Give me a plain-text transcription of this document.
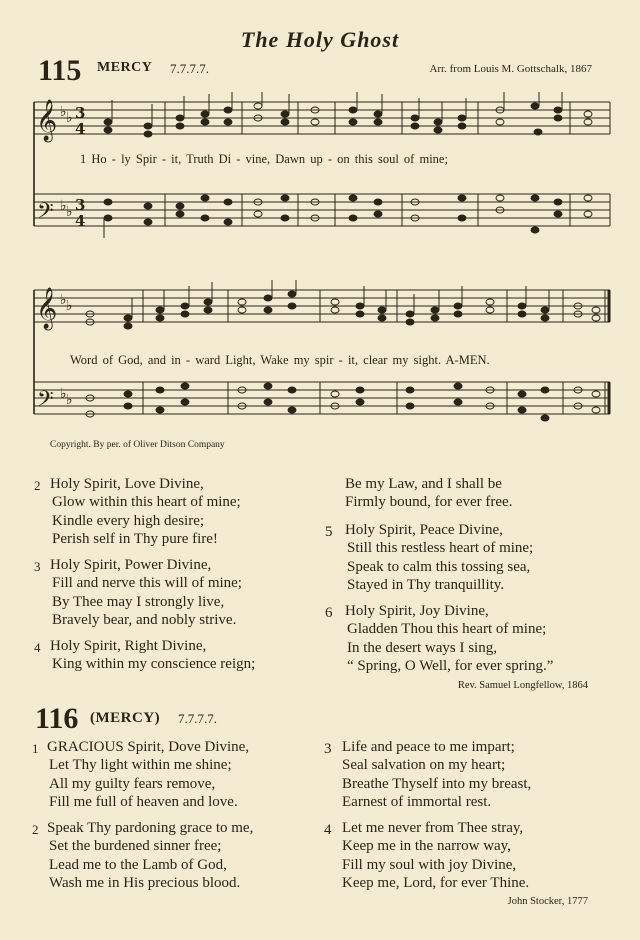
The Holy Ghost
115 MERCY 7.7.7.7.	Arr. from Louis M. Gottschalk, 1867
𝄞
𝄢
♭ ♭
♭ ♭
3
4
3
4
1 Ho - ly Spir - it, Truth Di - vine, Dawn up - on this soul of mine;
𝄞
𝄢
♭ ♭
♭ ♭
Word of God, and in - ward Light, Wake my spir - it, clear my sight. A-MEN.
Copyright. By per. of Oliver Ditson Company
2 Holy Spirit, Love Divine,
Glow within this heart of mine;
Kindle every high desire;
Perish self in Thy pure fire!
3 Holy Spirit, Power Divine,
Fill and nerve this will of mine;
By Thee may I strongly live,
Bravely bear, and nobly strive.
4 Holy Spirit, Right Divine,
King within my conscience reign;
Be my Law, and I shall be
Firmly bound, for ever free.
5 Holy Spirit, Peace Divine,
Still this restless heart of mine;
Speak to calm this tossing sea,
Stayed in Thy tranquillity.
6 Holy Spirit, Joy Divine,
Gladden Thou this heart of mine;
In the desert ways I sing,
“ Spring, O Well, for ever spring.”
Rev. Samuel Longfellow, 1864
116 (MERCY) 7.7.7.7.
1 GRACIOUS Spirit, Dove Divine,
Let Thy light within me shine;
All my guilty fears remove,
Fill me full of heaven and love.
2 Speak Thy pardoning grace to me,
Set the burdened sinner free;
Lead me to the Lamb of God,
Wash me in His precious blood.
3 Life and peace to me impart;
Seal salvation on my heart;
Breathe Thyself into my breast,
Earnest of immortal rest.
4 Let me never from Thee stray,
Keep me in the narrow way,
Fill my soul with joy Divine,
Keep me, Lord, for ever Thine.
John Stocker, 1777
